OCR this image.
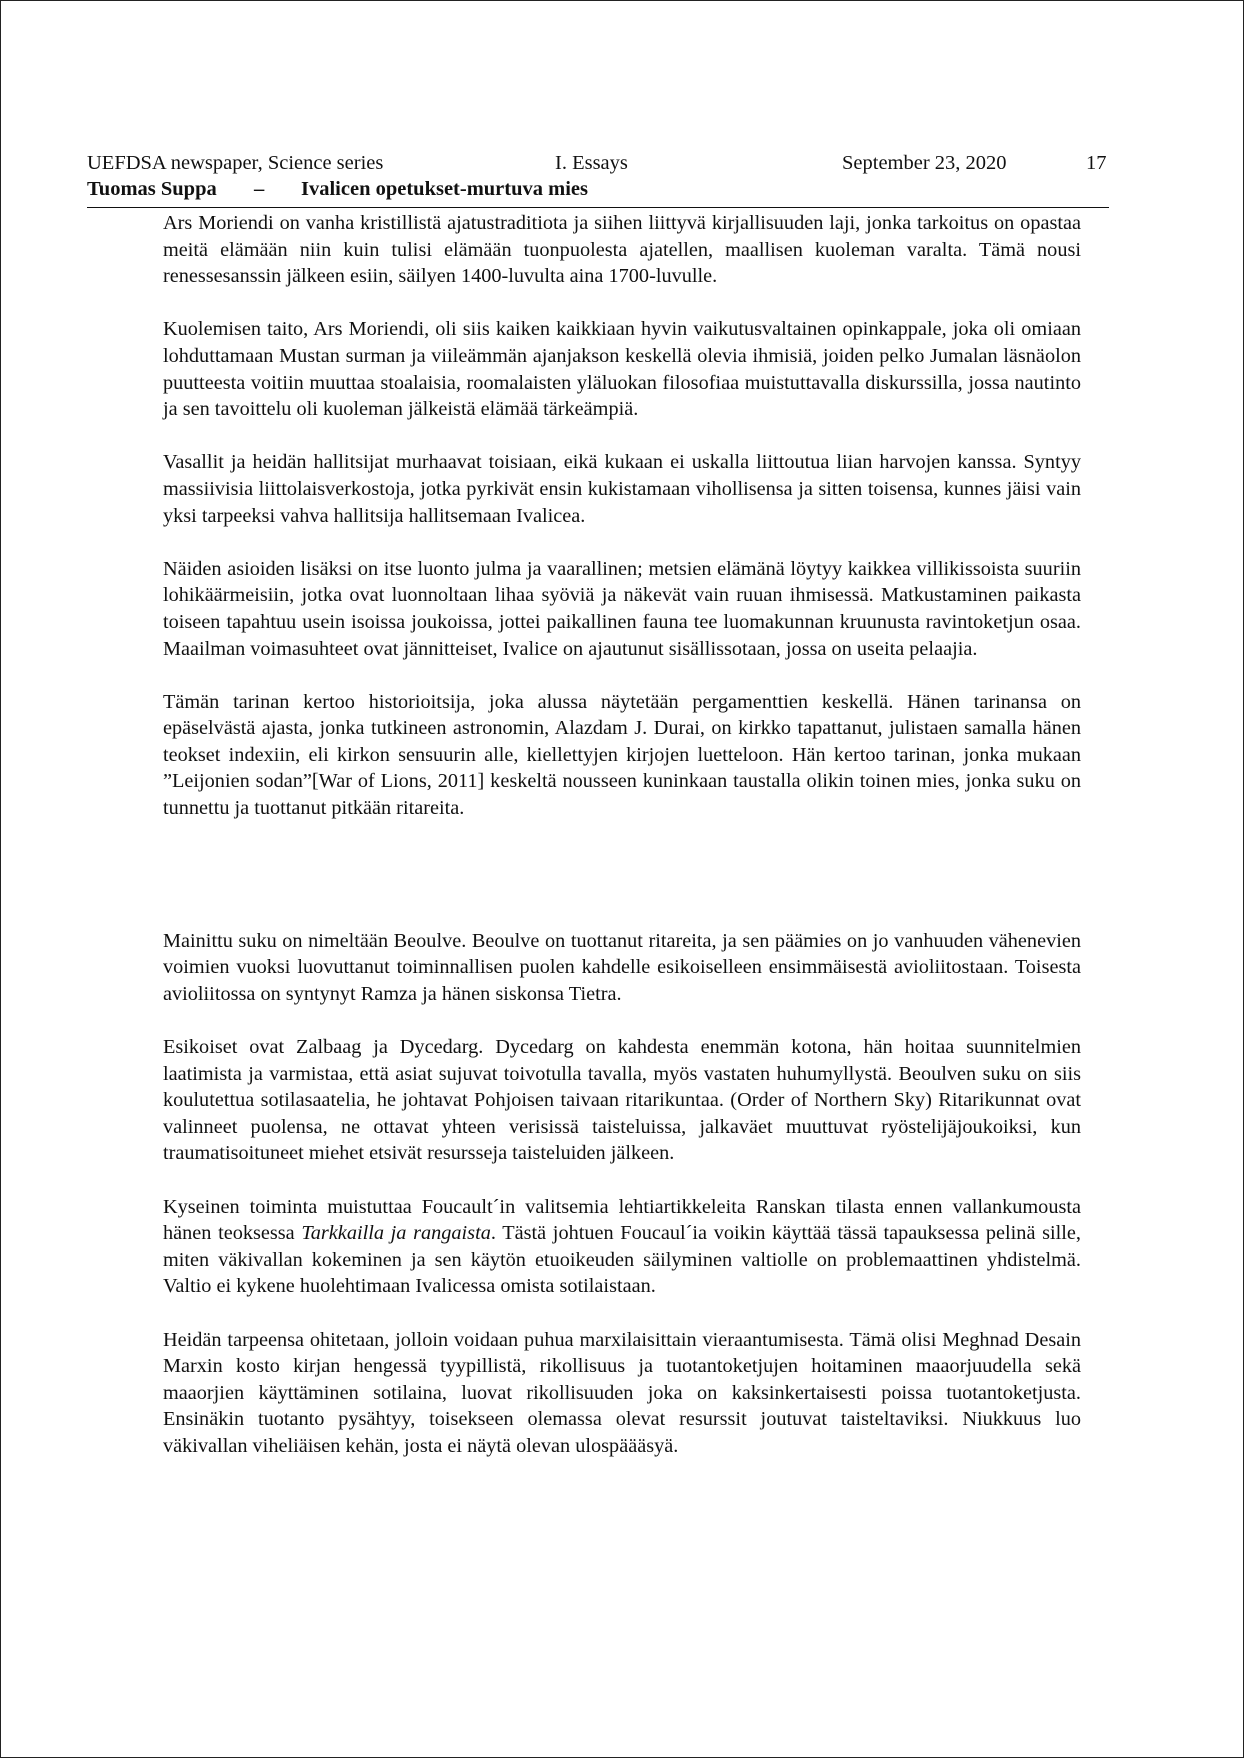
UEFDSA newspaper, Science series	I. Essays	September 23, 2020	17
Tuomas Suppa – Ivalicen opetukset-murtuva mies

Ars Moriendi on vanha kristillistä ajatustraditiota ja siihen liittyvä kirjallisuuden laji, jonka tarkoitus on opastaa meitä elämään niin kuin tulisi elämään tuonpuolesta ajatellen, maallisen kuoleman varalta. Tämä nousi renessesanssin jälkeen esiin, säilyen 1400-luvulta aina 1700-luvulle.

Kuolemisen taito, Ars Moriendi, oli siis kaiken kaikkiaan hyvin vaikutusvaltainen opinkappale, joka oli omiaan lohduttamaan Mustan surman ja viileämmän ajanjakson keskellä olevia ihmisiä, joiden pelko Jumalan läsnäolon puutteesta voitiin muuttaa stoalaisia, roomalaisten yläluokan filosofiaa muistuttavalla diskurssilla, jossa nautinto ja sen tavoittelu oli kuoleman jälkeistä elämää tärkeämpiä.

Vasallit ja heidän hallitsijat murhaavat toisiaan, eikä kukaan ei uskalla liittoutua liian harvojen kanssa. Syntyy massiivisia liittolaisverkostoja, jotka pyrkivät ensin kukistamaan vihollisensa ja sitten toisensa, kunnes jäisi vain yksi tarpeeksi vahva hallitsija hallitsemaan Ivalicea.

Näiden asioiden lisäksi on itse luonto julma ja vaarallinen; metsien elämänä löytyy kaikkea villikissoista suuriin lohikäärmeisiin, jotka ovat luonnoltaan lihaa syöviä ja näkevät vain ruuan ihmisessä. Matkustaminen paikasta toiseen tapahtuu usein isoissa joukoissa, jottei paikallinen fauna tee luomakunnan kruunusta ravintoketjun osaa. Maailman voimasuhteet ovat jännitteiset, Ivalice on ajautunut sisällissotaan, jossa on useita pelaajia.

Tämän tarinan kertoo historioitsija, joka alussa näytetään pergamenttien keskellä. Hänen tarinansa on epäselvästä ajasta, jonka tutkineen astronomin, Alazdam J. Durai, on kirkko tapattanut, julistaen samalla hänen teokset indexiin, eli kirkon sensuurin alle, kiellettyjen kirjojen luetteloon. Hän kertoo tarinan, jonka mukaan ”Leijonien sodan”[War of Lions, 2011] keskeltä nousseen kuninkaan taustalla olikin toinen mies, jonka suku on tunnettu ja tuottanut pitkään ritareita.

Mainittu suku on nimeltään Beoulve. Beoulve on tuottanut ritareita, ja sen päämies on jo vanhuuden vähenevien voimien vuoksi luovuttanut toiminnallisen puolen kahdelle esikoiselleen ensimmäisestä avioliitostaan. Toisesta avioliitossa on syntynyt Ramza ja hänen siskonsa Tietra.

Esikoiset ovat Zalbaag ja Dycedarg. Dycedarg on kahdesta enemmän kotona, hän hoitaa suunnitelmien laatimista ja varmistaa, että asiat sujuvat toivotulla tavalla, myös vastaten huhumyllystä. Beoulven suku on siis koulutettua sotilasaatelia, he johtavat Pohjoisen taivaan ritarikuntaa. (Order of Northern Sky) Ritarikunnat ovat valinneet puolensa, ne ottavat yhteen verisissä taisteluissa, jalkaväet muuttuvat ryöstelijäjoukoiksi, kun traumatisoituneet miehet etsivät resursseja taisteluiden jälkeen.

Kyseinen toiminta muistuttaa Foucault´in valitsemia lehtiartikkeleita Ranskan tilasta ennen vallankumousta hänen teoksessa Tarkkailla ja rangaista. Tästä johtuen Foucaul´ia voikin käyttää tässä tapauksessa pelinä sille, miten väkivallan kokeminen ja sen käytön etuoikeuden säilyminen valtiolle on problemaattinen yhdistelmä. Valtio ei kykene huolehtimaan Ivalicessa omista sotilaistaan.

Heidän tarpeensa ohitetaan, jolloin voidaan puhua marxilaisittain vieraantumisesta. Tämä olisi Meghnad Desain Marxin kosto kirjan hengessä tyypillistä, rikollisuus ja tuotantoketjujen hoitaminen maaorjuudella sekä maaorjien käyttäminen sotilaina, luovat rikollisuuden joka on kaksinkertaisesti poissa tuotantoketjusta. Ensinäkin tuotanto pysähtyy, toisekseen olemassa olevat resurssit joutuvat taisteltaviksi. Niukkuus luo väkivallan viheliäisen kehän, josta ei näytä olevan ulospäääsyä.
